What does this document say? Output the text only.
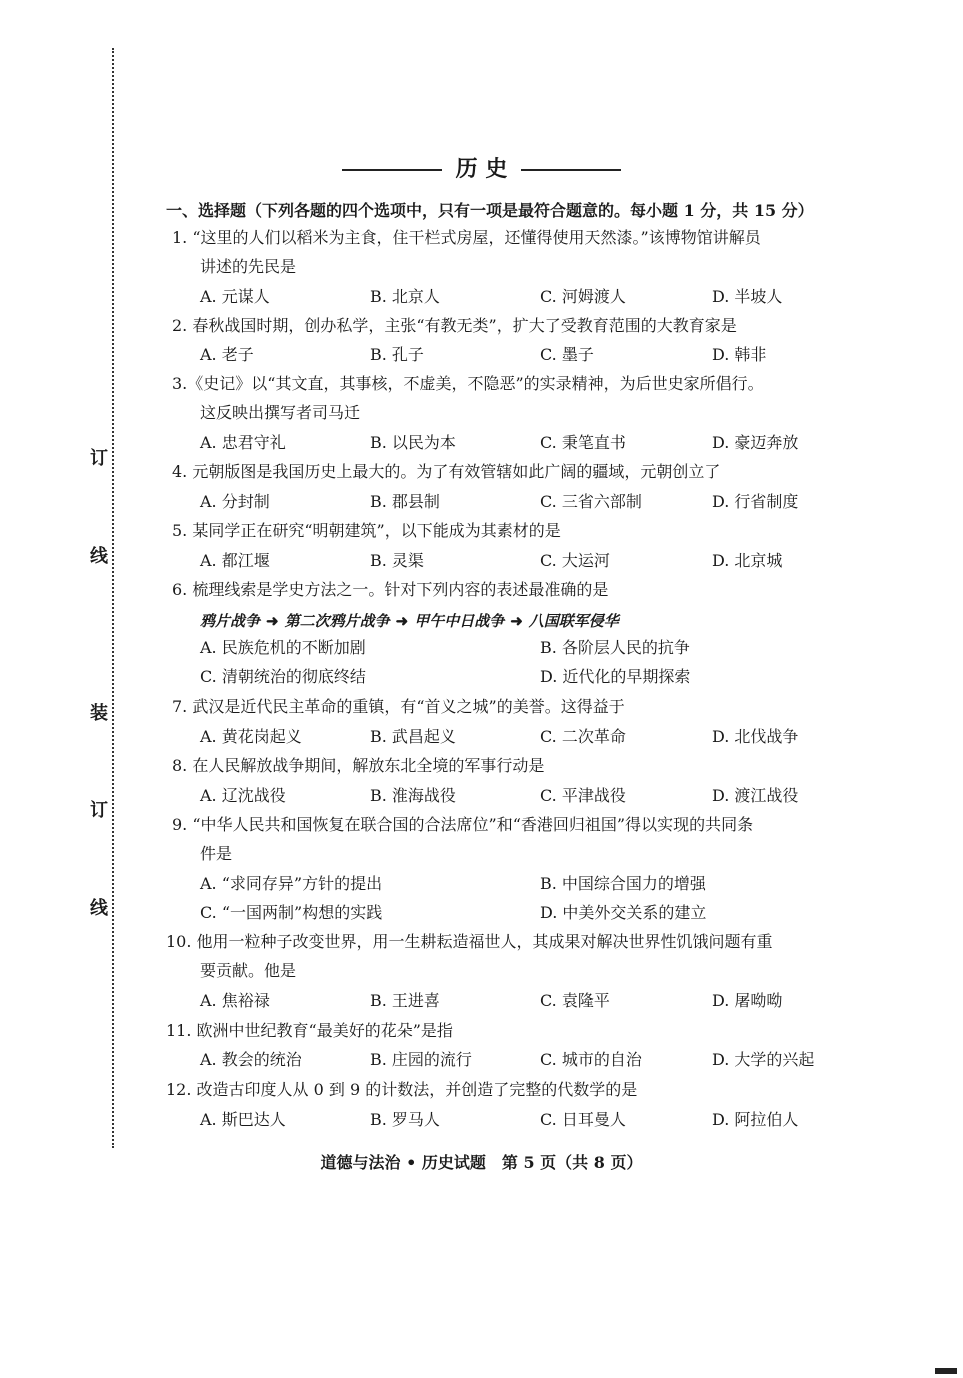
订
线
装
订
线
历 史
一、选择题（下列各题的四个选项中，只有一项是最符合题意的。每小题 1 分，共 15 分）
1. “这里的人们以稻米为主食，住干栏式房屋，还懂得使用天然漆。”该博物馆讲解员
讲述的先民是
A. 元谋人	B. 北京人	C. 河姆渡人	D. 半坡人
2. 春秋战国时期，创办私学，主张“有教无类”，扩大了受教育范围的大教育家是
A. 老子	B. 孔子	C. 墨子	D. 韩非
3.《史记》以“其文直，其事核，不虚美，不隐恶”的实录精神，为后世史家所倡行。
这反映出撰写者司马迁
A. 忠君守礼	B. 以民为本	C. 秉笔直书	D. 豪迈奔放
4. 元朝版图是我国历史上最大的。为了有效管辖如此广阔的疆域，元朝创立了
A. 分封制	B. 郡县制	C. 三省六部制	D. 行省制度
5. 某同学正在研究“明朝建筑”，以下能成为其素材的是
A. 都江堰	B. 灵渠	C. 大运河	D. 北京城
6. 梳理线索是学史方法之一。针对下列内容的表述最准确的是
鸦片战争 ➜ 第二次鸦片战争 ➜ 甲午中日战争 ➜ 八国联军侵华
A. 民族危机的不断加剧	B. 各阶层人民的抗争
C. 清朝统治的彻底终结	D. 近代化的早期探索
7. 武汉是近代民主革命的重镇，有“首义之城”的美誉。这得益于
A. 黄花岗起义	B. 武昌起义	C. 二次革命	D. 北伐战争
8. 在人民解放战争期间，解放东北全境的军事行动是
A. 辽沈战役	B. 淮海战役	C. 平津战役	D. 渡江战役
9. “中华人民共和国恢复在联合国的合法席位”和“香港回归祖国”得以实现的共同条
件是
A. “求同存异”方针的提出	B. 中国综合国力的增强
C. “一国两制”构想的实践	D. 中美外交关系的建立
10. 他用一粒种子改变世界，用一生耕耘造福世人，其成果对解决世界性饥饿问题有重
要贡献。他是
A. 焦裕禄	B. 王进喜	C. 袁隆平	D. 屠呦呦
11. 欧洲中世纪教育“最美好的花朵”是指
A. 教会的统治	B. 庄园的流行	C. 城市的自治	D. 大学的兴起
12. 改造古印度人从 0 到 9 的计数法，并创造了完整的代数学的是
A. 斯巴达人	B. 罗马人	C. 日耳曼人	D. 阿拉伯人
道德与法治 • 历史试题　第 5 页（共 8 页）
